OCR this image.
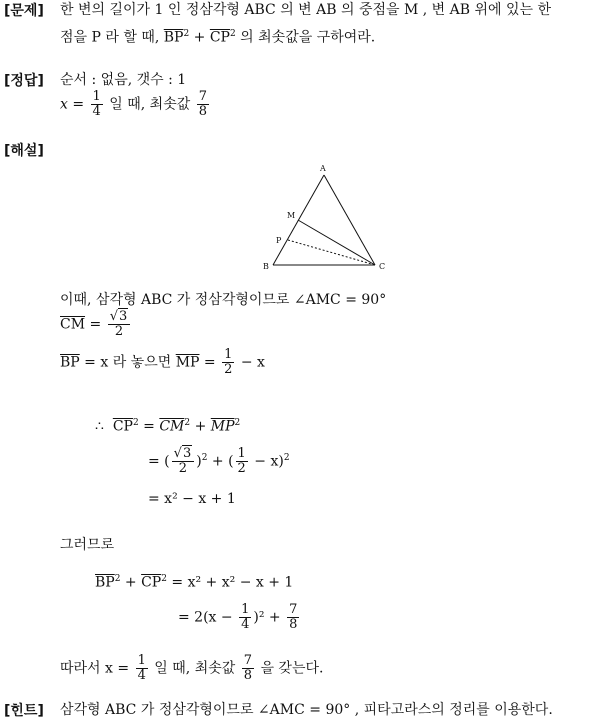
[문제] 한 변의 길이가 1 인 정삼각형 ABC 의 변 AB 의 중점을 M , 변 AB 위에 있는 한
점을 P 라 할 때, $\overline{BP}^2 + \overline{CP}^2$ 의 최솟값을 구하여라.
[정답] 순서 : 없음, 갯수 : 1
$x = \frac{1}{4}$ 일 때, 최솟값 $\frac{7}{8}$
[해설]
A
B	C
M
P
이때, 삼각형 ABC 가 정삼각형이므로 ∠AMC = 90°
$\overline{CM} = \frac{√3}{2}$
$\overline{BP} = x$ 라 놓으면 $\overline{MP} = \frac{1}{2} - x$
∴ $\overline{CP}^2 = \overline{CM}^2 + \overline{MP}^2$
= ( $\frac{√3}{2} )^2$ + ( $\frac{1}{2} - x)^2$
= x² − x + 1
그러므로
$\overline{BP}^2 + \overline{CP}^2 = x^2 + x^2 - x + 1$
= $2(x - \frac{1}{4} )^2 + \frac{7}{8}$
따라서 $x = \frac{1}{4}$ 일 때, 최솟값 $\frac{7}{8}$ 을 갖는다.
[힌트] 삼각형 ABC 가 정삼각형이므로 ∠AMC = 90° , 피타고라스의 정리를 이용한다.
